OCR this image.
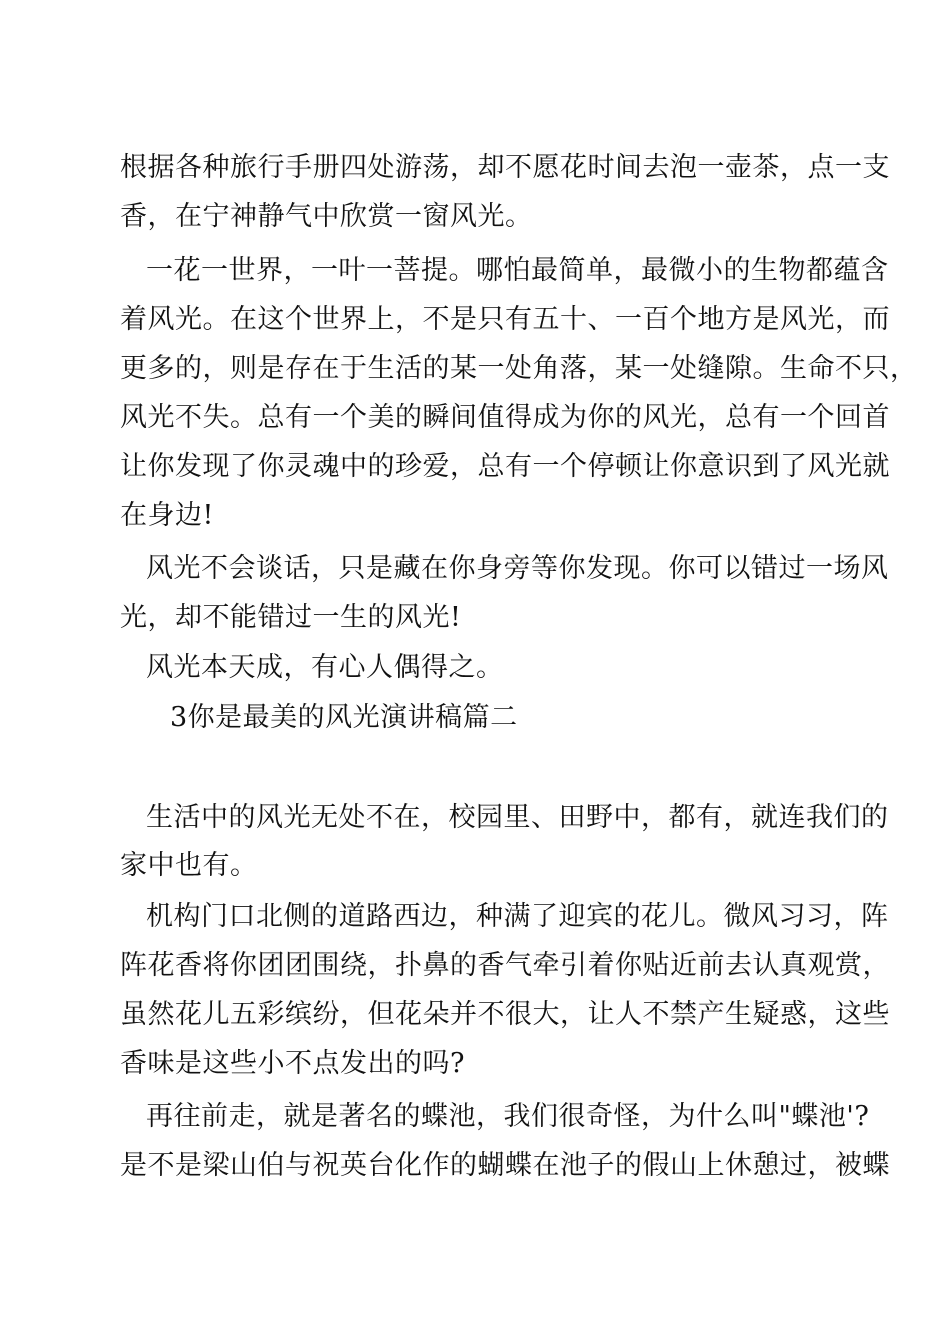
根据各种旅行手册四处游荡，却不愿花时间去泡一壶茶，点一支
香，在宁神静气中欣赏一窗风光。
一花一世界，一叶一菩提。哪怕最简单，最微小的生物都蕴含
着风光。在这个世界上，不是只有五十、一百个地方是风光，而
更多的，则是存在于生活的某一处角落，某一处缝隙。生命不只，
风光不失。总有一个美的瞬间值得成为你的风光，总有一个回首
让你发现了你灵魂中的珍爱，总有一个停顿让你意识到了风光就
在身边!
风光不会谈话，只是藏在你身旁等你发现。你可以错过一场风
光，却不能错过一生的风光!
风光本天成，有心人偶得之。
3你是最美的风光演讲稿篇二
生活中的风光无处不在，校园里、田野中，都有，就连我们的
家中也有。
机构门口北侧的道路西边，种满了迎宾的花儿。微风习习，阵
阵花香将你团团围绕，扑鼻的香气牵引着你贴近前去认真观赏，
虽然花儿五彩缤纷，但花朵并不很大，让人不禁产生疑惑，这些
香味是这些小不点发出的吗?
再往前走，就是著名的蝶池，我们很奇怪，为什么叫"蝶池'?
是不是梁山伯与祝英台化作的蝴蝶在池子的假山上休憩过，被蝶
